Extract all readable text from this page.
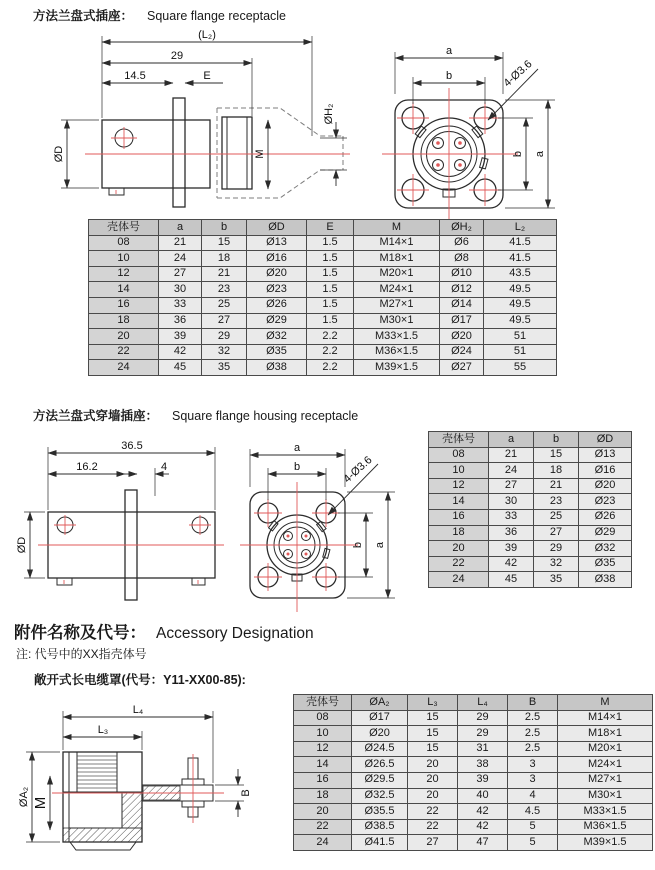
方法兰盘式插座： Square flange receptacle
(L₂)
29
14.5	E
ØD	M
ØH₂
a
b	4-Ø3.6
b a
壳体号	a	b	ØD	E	M	ØH₂	L₂
08	21	15	Ø13	1.5	M14×1	Ø6	41.5
10	24	18	Ø16	1.5	M18×1	Ø8	41.5
12	27	21	Ø20	1.5	M20×1	Ø10	43.5
14	30	23	Ø23	1.5	M24×1	Ø12	49.5
16	33	25	Ø26	1.5	M27×1	Ø14	49.5
18	36	27	Ø29	1.5	M30×1	Ø17	49.5
20	39	29	Ø32	2.2	M33×1.5	Ø20	51
22	42	32	Ø35	2.2	M36×1.5	Ø24	51
24	45	35	Ø38	2.2	M39×1.5	Ø27	55
方法兰盘式穿墙插座： Square flange housing receptacle
36.5
16.2	4
ØD
a
b	4-Ø3.6
b a
壳体号	a	b	ØD
08	21	15	Ø13
10	24	18	Ø16
12	27	21	Ø20
14	30	23	Ø23
16	33	25	Ø26
18	36	27	Ø29
20	39	29	Ø32
22	42	32	Ø35
24	45	35	Ø38
附件名称及代号： Accessory Designation
注: 代号中的XX指壳体号
敞开式长电缆罩(代号：Y11-XX00-85):
L₄
L₃
ØA₂ M
B
壳体号	ØA₂	L₃	L₄	B	M
08	Ø17	15	29	2.5	M14×1
10	Ø20	15	29	2.5	M18×1
12	Ø24.5	15	31	2.5	M20×1
14	Ø26.5	20	38	3	M24×1
16	Ø29.5	20	39	3	M27×1
18	Ø32.5	20	40	4	M30×1
20	Ø35.5	22	42	4.5	M33×1.5
22	Ø38.5	22	42	5	M36×1.5
24	Ø41.5	27	47	5	M39×1.5
